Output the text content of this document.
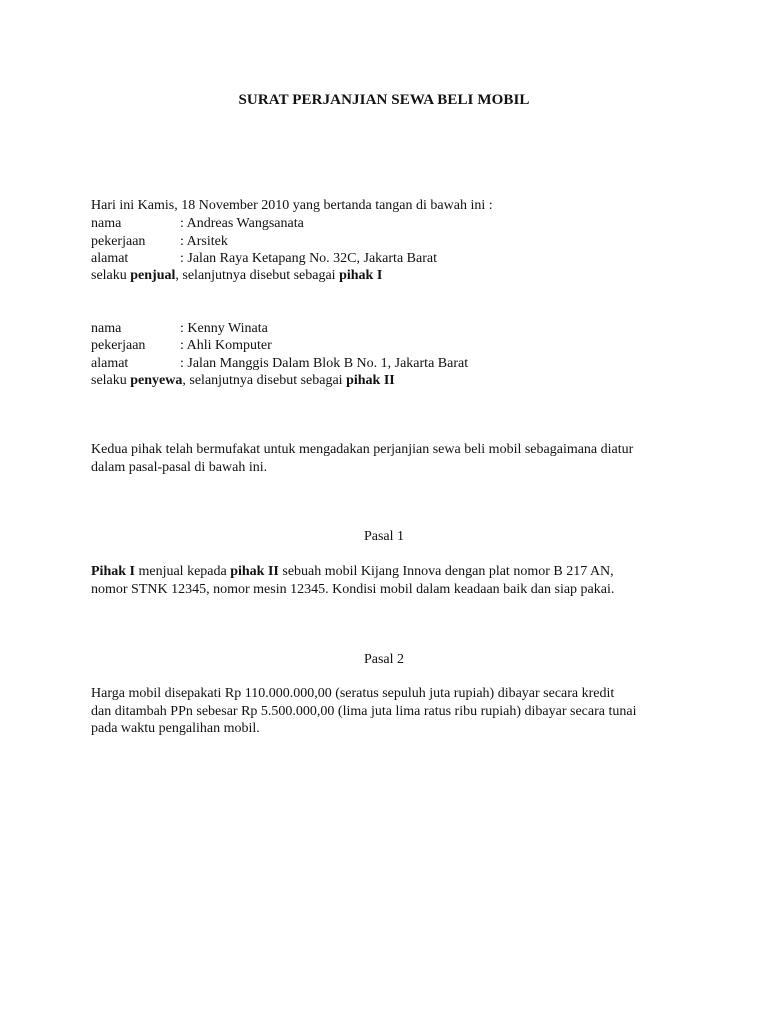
SURAT PERJANJIAN SEWA BELI MOBIL
Hari ini Kamis, 18 November 2010 yang bertanda tangan di bawah ini :
nama	: Andreas Wangsanata
pekerjaan : Arsitek
alamat	: Jalan Raya Ketapang No. 32C, Jakarta Barat
selaku penjual, selanjutnya disebut sebagai pihak I
nama	: Kenny Winata
pekerjaan : Ahli Komputer
alamat	: Jalan Manggis Dalam Blok B No. 1, Jakarta Barat
selaku penyewa, selanjutnya disebut sebagai pihak II
Kedua pihak telah bermufakat untuk mengadakan perjanjian sewa beli mobil sebagaimana diatur
dalam pasal-pasal di bawah ini.
Pasal 1
Pihak I menjual kepada pihak II sebuah mobil Kijang Innova dengan plat nomor B 217 AN,
nomor STNK 12345, nomor mesin 12345. Kondisi mobil dalam keadaan baik dan siap pakai.
Pasal 2
Harga mobil disepakati Rp 110.000.000,00 (seratus sepuluh juta rupiah) dibayar secara kredit
dan ditambah PPn sebesar Rp 5.500.000,00 (lima juta lima ratus ribu rupiah) dibayar secara tunai
pada waktu pengalihan mobil.
